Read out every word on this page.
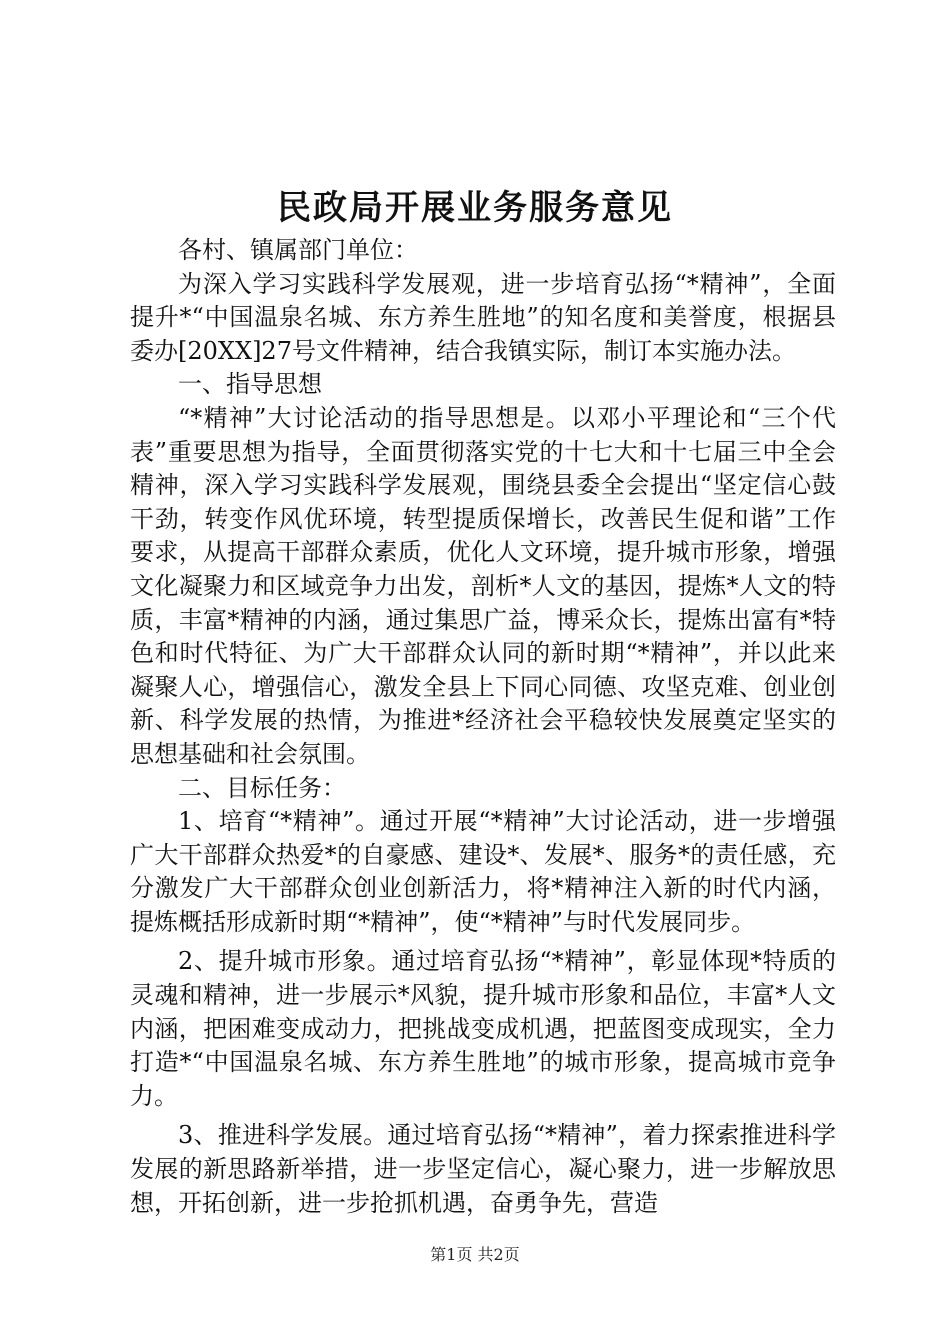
民政局开展业务服务意见

各村、镇属部门单位：

为深入学习实践科学发展观，进一步培育弘扬“*精神”，全面提升*“中国温泉名城、东方养生胜地”的知名度和美誉度，根据县委办[20XX]27号文件精神，结合我镇实际，制订本实施办法。

一、指导思想

“*精神”大讨论活动的指导思想是。以邓小平理论和“三个代表”重要思想为指导，全面贯彻落实党的十七大和十七届三中全会精神，深入学习实践科学发展观，围绕县委全会提出“坚定信心鼓干劲，转变作风优环境，转型提质保增长，改善民生促和谐”工作要求，从提高干部群众素质，优化人文环境，提升城市形象，增强文化凝聚力和区域竞争力出发，剖析*人文的基因，提炼*人文的特质，丰富*精神的内涵，通过集思广益，博采众长，提炼出富有*特色和时代特征、为广大干部群众认同的新时期“*精神”，并以此来凝聚人心，增强信心，激发全县上下同心同德、攻坚克难、创业创新、科学发展的热情，为推进*经济社会平稳较快发展奠定坚实的思想基础和社会氛围。

二、目标任务：

1、培育“*精神”。通过开展“*精神”大讨论活动，进一步增强广大干部群众热爱*的自豪感、建设*、发展*、服务*的责任感，充分激发广大干部群众创业创新活力，将*精神注入新的时代内涵，提炼概括形成新时期“*精神”，使“*精神”与时代发展同步。

2、提升城市形象。通过培育弘扬“*精神”，彰显体现*特质的灵魂和精神，进一步展示*风貌，提升城市形象和品位，丰富*人文内涵，把困难变成动力，把挑战变成机遇，把蓝图变成现实，全力打造*“中国温泉名城、东方养生胜地”的城市形象，提高城市竞争力。

3、推进科学发展。通过培育弘扬“*精神”，着力探索推进科学发展的新思路新举措，进一步坚定信心，凝心聚力，进一步解放思想，开拓创新，进一步抢抓机遇，奋勇争先，营造

第1页 共2页
